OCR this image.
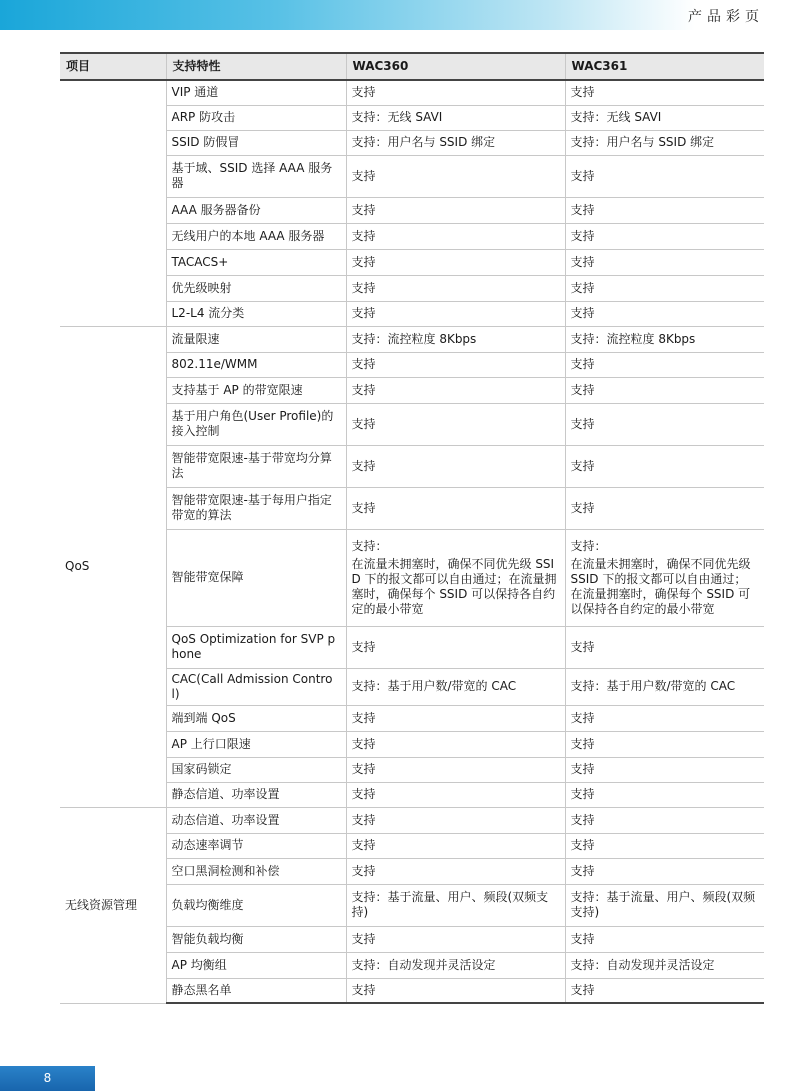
产品彩页
项目	支持特性	WAC360	WAC361
	VIP 通道	支持	支持
	ARP 防攻击	支持：无线 SAVI	支持：无线 SAVI
	SSID 防假冒	支持：用户名与 SSID 绑定	支持：用户名与 SSID 绑定
	基于域、SSID 选择 AAA 服务器	支持	支持
	AAA 服务器备份	支持	支持
	无线用户的本地 AAA 服务器	支持	支持
	TACACS+	支持	支持
	优先级映射	支持	支持
	L2-L4 流分类	支持	支持
QoS	流量限速	支持：流控粒度 8Kbps	支持：流控粒度 8Kbps
	802.11e/WMM	支持	支持
	支持基于 AP 的带宽限速	支持	支持
	基于用户角色(User Profile)的接入控制	支持	支持
	智能带宽限速-基于带宽均分算法	支持	支持
	智能带宽限速-基于每用户指定带宽的算法	支持	支持
	智能带宽保障	支持：
在流量未拥塞时，确保不同优先级 SSID 下的报文都可以自由通过；在流量拥塞时，确保每个 SSID 可以保持各自约定的最小带宽	支持：
在流量未拥塞时，确保不同优先级 SSID 下的报文都可以自由通过；在流量拥塞时，确保每个 SSID 可以保持各自约定的最小带宽

	QoS Optimization for SVP phone	支持	支持
	CAC(Call Admission Control)	支持：基于用户数/带宽的 CAC	支持：基于用户数/带宽的 CAC
	端到端 QoS	支持	支持
	AP 上行口限速	支持	支持
	国家码锁定	支持	支持
	静态信道、功率设置	支持	支持
无线资源管理	动态信道、功率设置	支持	支持
	动态速率调节	支持	支持
	空口黑洞检测和补偿	支持	支持
	负载均衡维度	支持：基于流量、用户、频段(双频支持)	支持：基于流量、用户、频段(双频支持)
	智能负载均衡	支持	支持
	AP 均衡组	支持：自动发现并灵活设定	支持：自动发现并灵活设定
	静态黑名单	支持	支持
8
